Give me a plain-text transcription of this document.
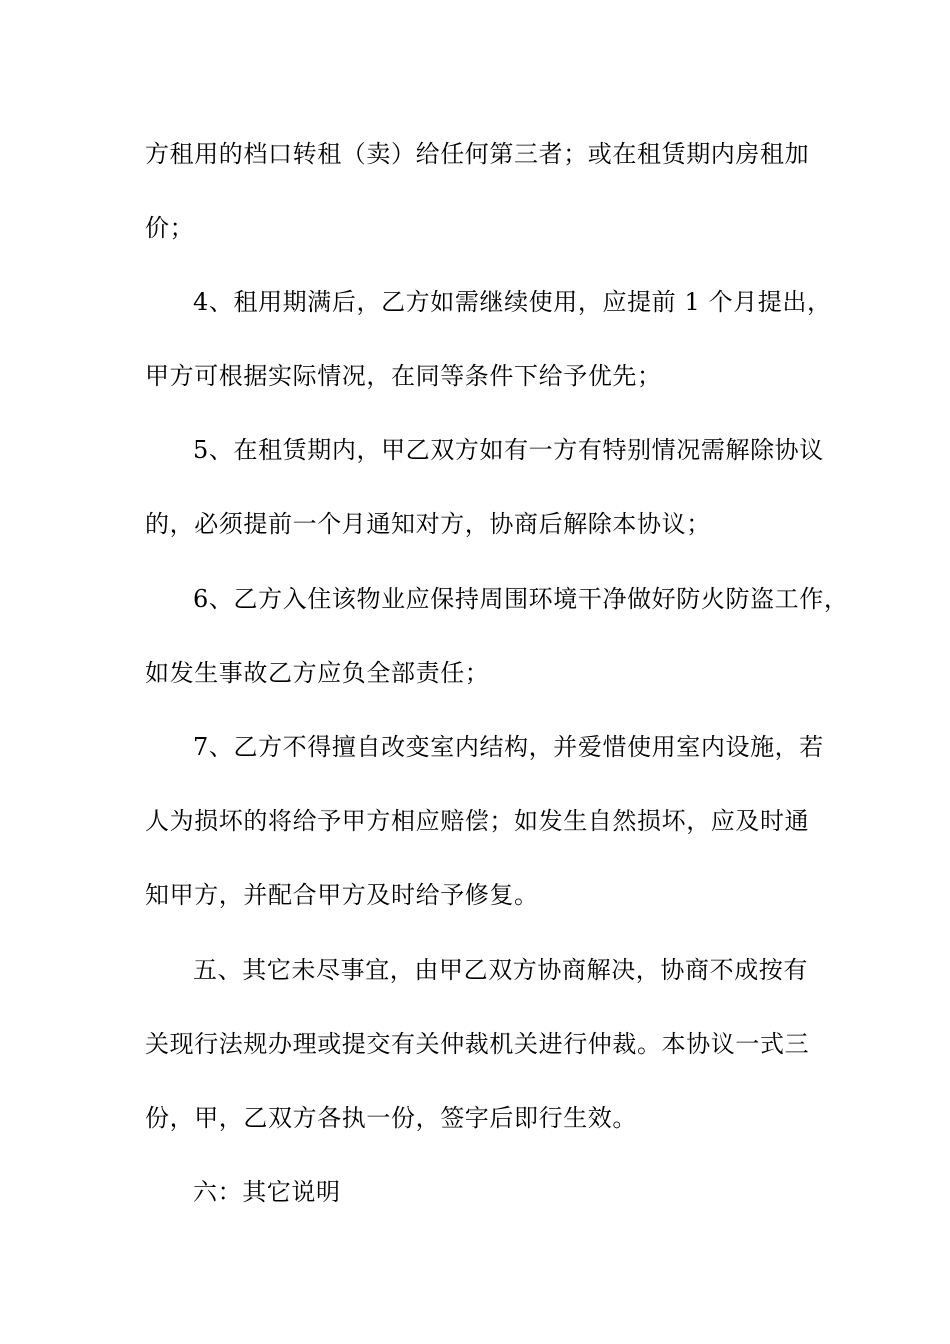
方租用的档口转租（卖）给任何第三者；或在租赁期内房租加
价；
4、租用期满后，乙方如需继续使用，应提前 1 个月提出，
甲方可根据实际情况，在同等条件下给予优先；
5、在租赁期内，甲乙双方如有一方有特别情况需解除协议
的，必须提前一个月通知对方，协商后解除本协议；
6、乙方入住该物业应保持周围环境干净做好防火防盗工作，
如发生事故乙方应负全部责任；
7、乙方不得擅自改变室内结构，并爱惜使用室内设施，若
人为损坏的将给予甲方相应赔偿；如发生自然损坏，应及时通
知甲方，并配合甲方及时给予修复。
五、其它未尽事宜，由甲乙双方协商解决，协商不成按有
关现行法规办理或提交有关仲裁机关进行仲裁。本协议一式三
份，甲，乙双方各执一份，签字后即行生效。
六：其它说明
